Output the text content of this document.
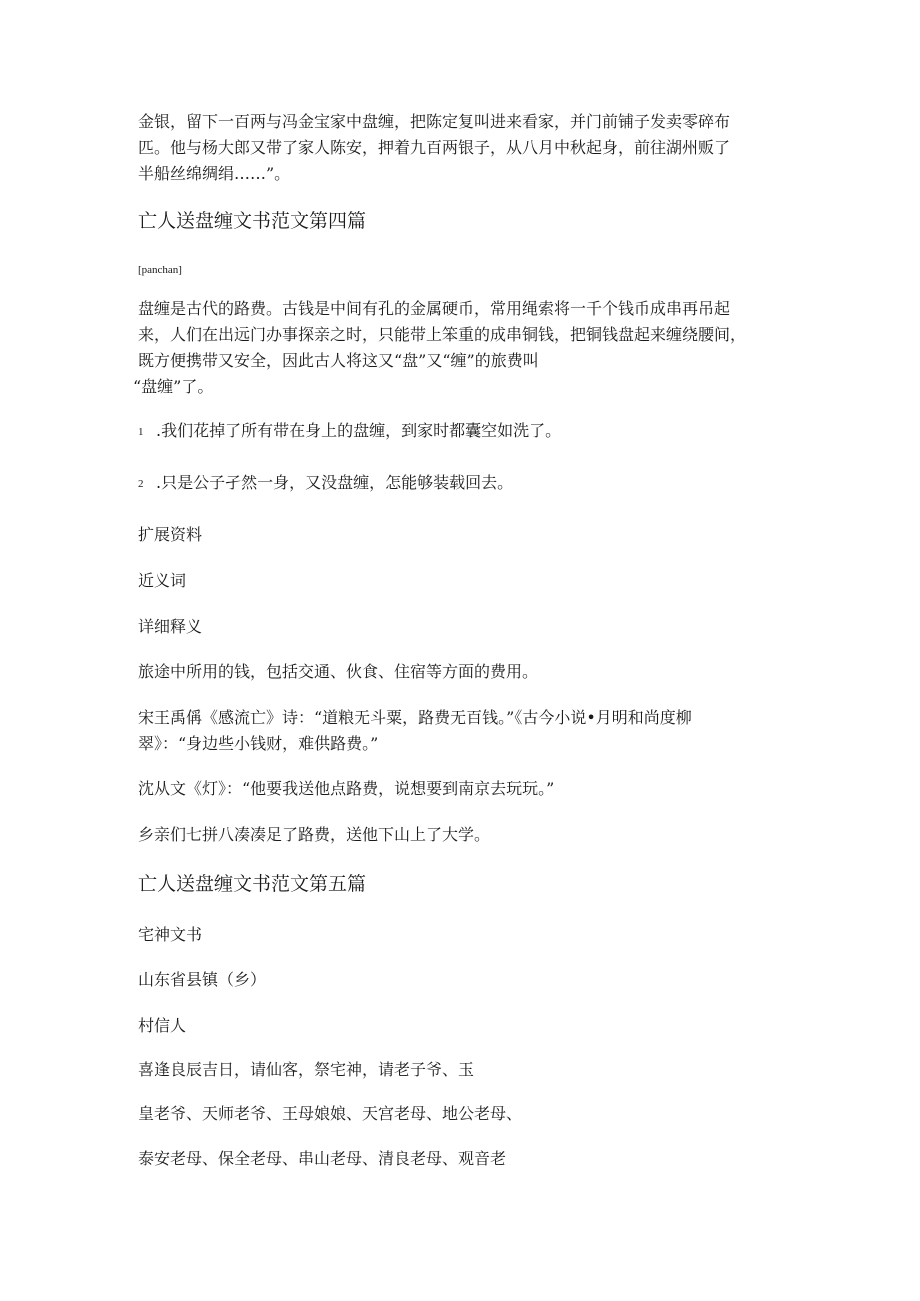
金银，留下一百两与冯金宝家中盘缠，把陈定复叫进来看家，并门前铺子发卖零碎布
匹。他与杨大郎又带了家人陈安，押着九百两银子，从八月中秋起身，前往湖州贩了
半船丝绵绸绢……”。
亡人送盘缠文书范文第四篇
[panchan]
盘缠是古代的路费。古钱是中间有孔的金属硬币，常用绳索将一千个钱币成串再吊起
来，人们在出远门办事探亲之时，只能带上笨重的成串铜钱，把铜钱盘起来缠绕腰间，
既方便携带又安全，因此古人将这又“盘”又“缠”的旅费叫
“盘缠”了。
1 .我们花掉了所有带在身上的盘缠，到家时都囊空如洗了。
2 .只是公子孑然一身，又没盘缠，怎能够装载回去。
扩展资料
近义词
详细释义
旅途中所用的钱，包括交通、伙食、住宿等方面的费用。
宋王禹偁《感流亡》诗：“道粮无斗粟，路费无百钱。”《古今小说•月明和尚度柳
翠》：“身边些小钱财，难供路费。”
沈从文《灯》：“他要我送他点路费，说想要到南京去玩玩。”
乡亲们七拼八凑凑足了路费，送他下山上了大学。
亡人送盘缠文书范文第五篇
宅神文书
山东省县镇（乡）
村信人
喜逢良辰吉日，请仙客，祭宅神，请老子爷、玉
皇老爷、天师老爷、王母娘娘、天宫老母、地公老母、
泰安老母、保全老母、串山老母、清良老母、观音老
